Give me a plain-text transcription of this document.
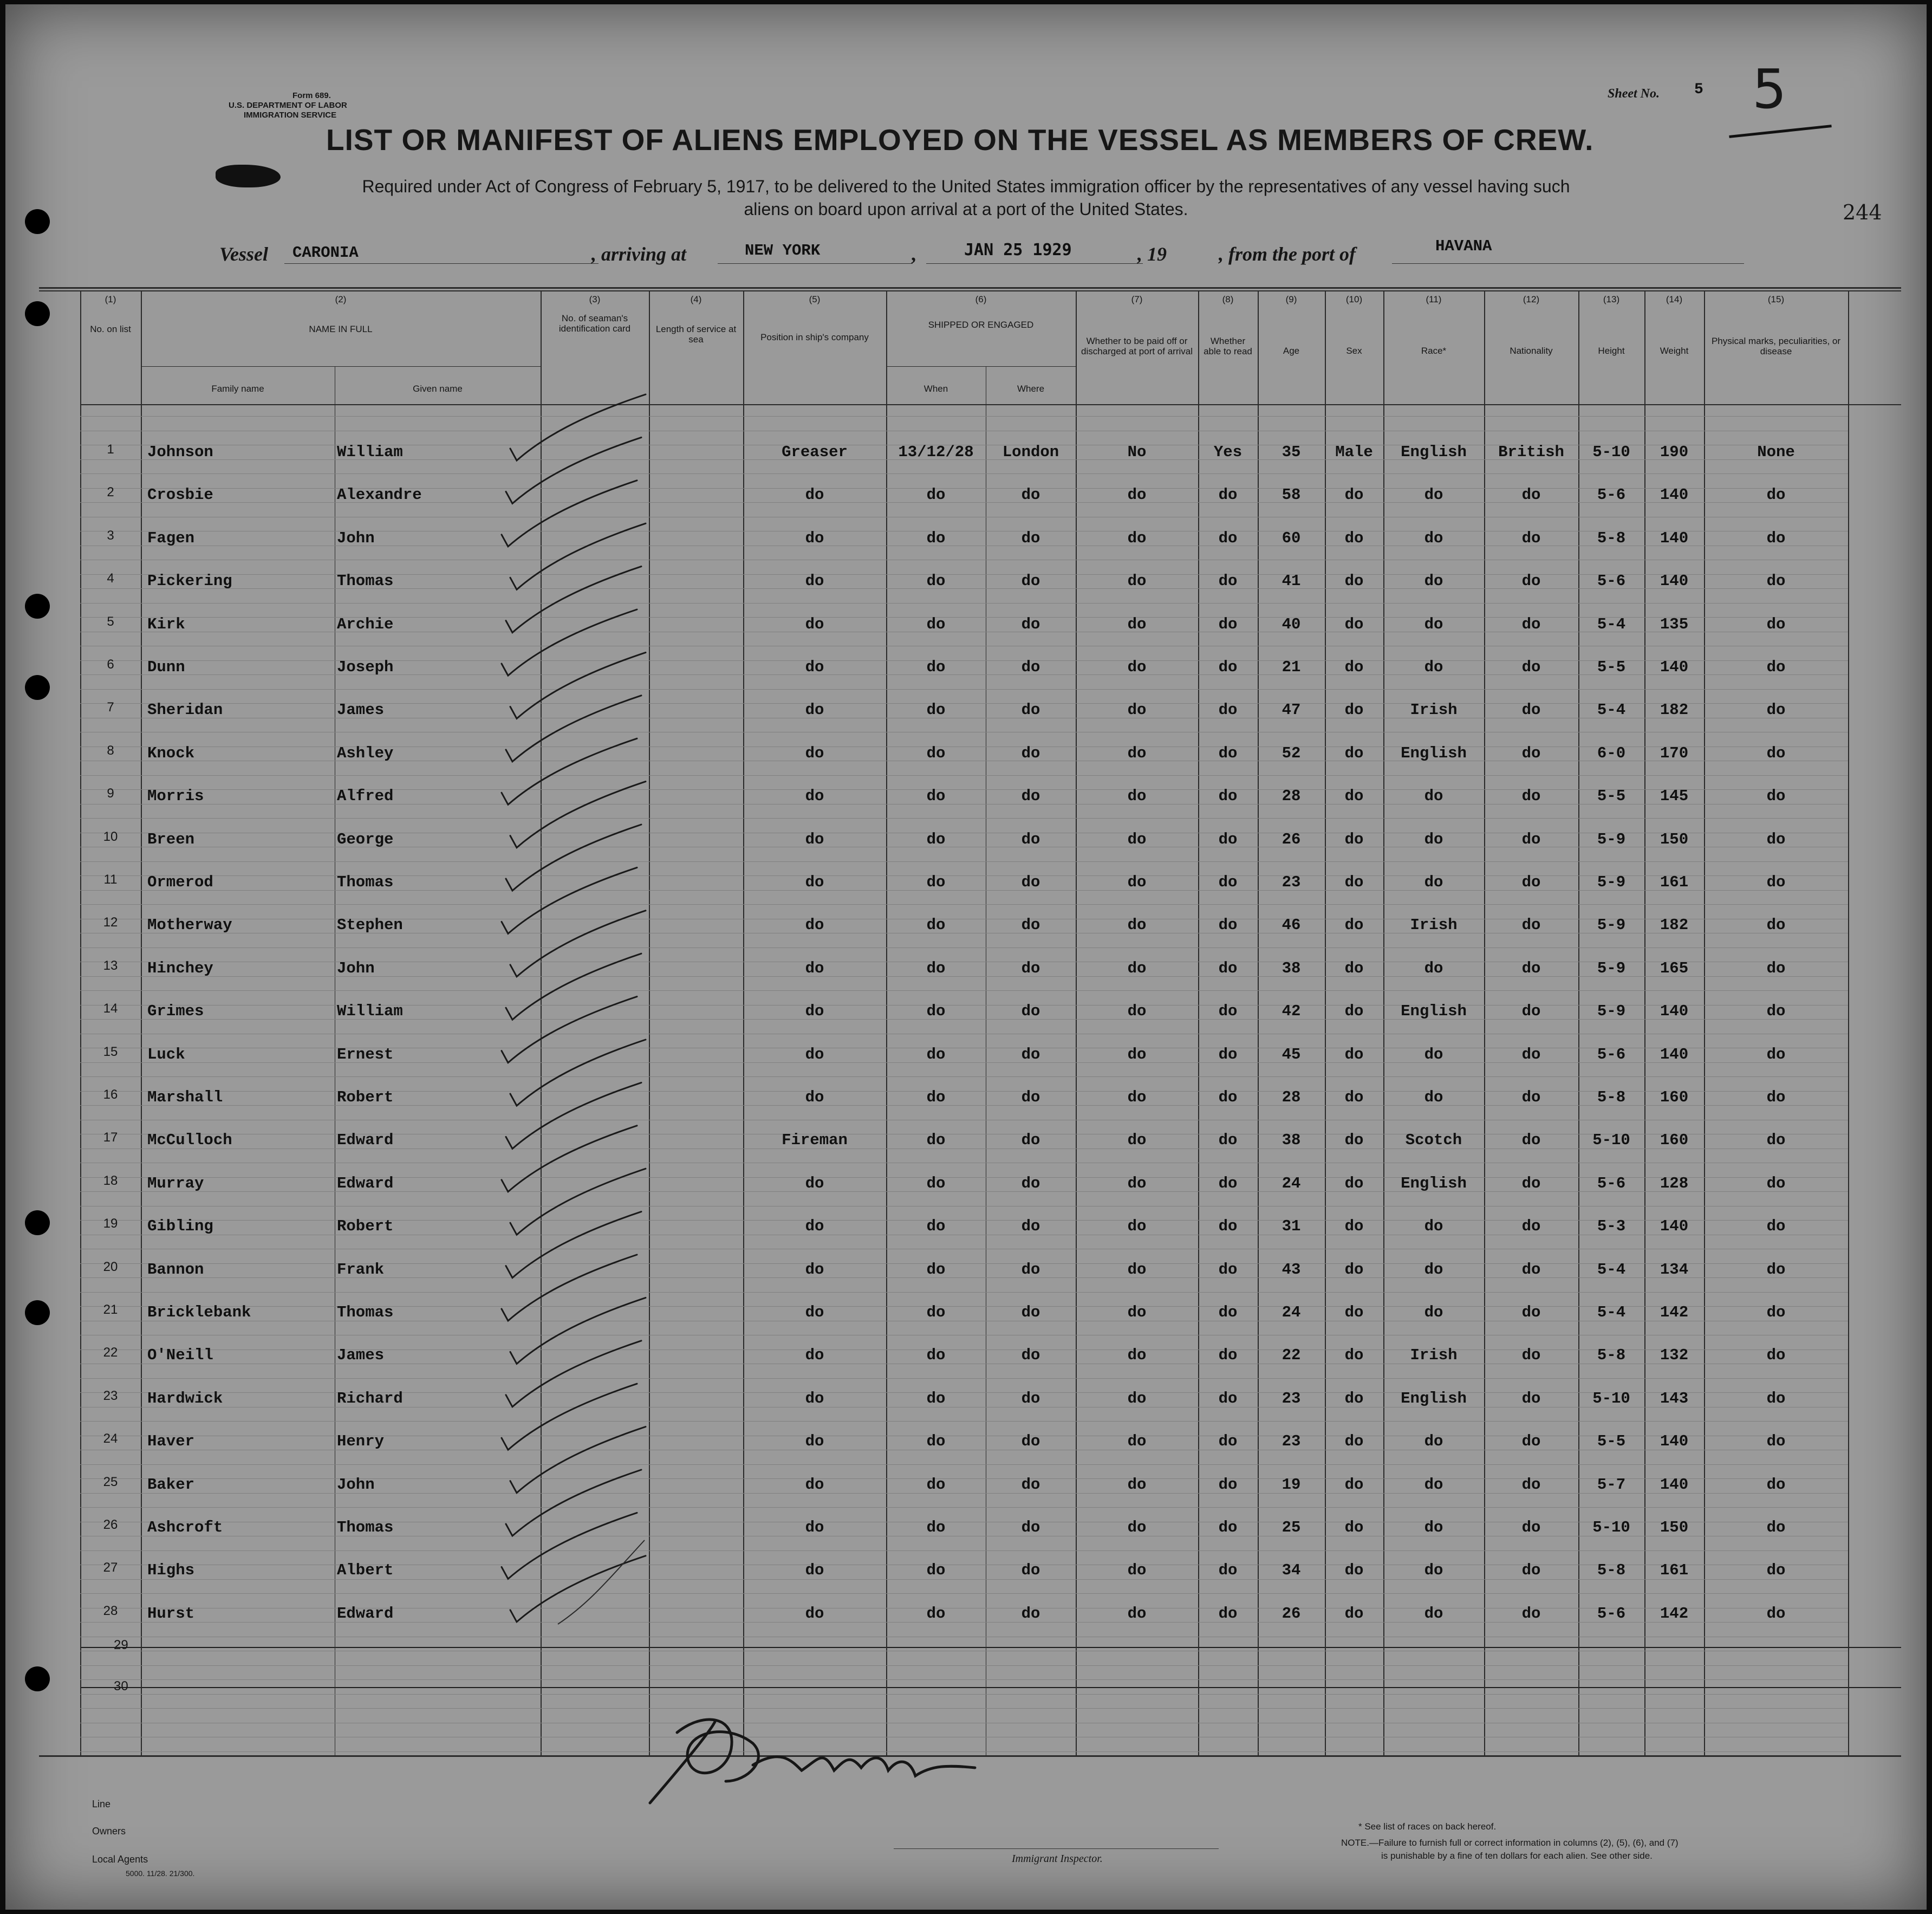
Form 689.
U.S. DEPARTMENT OF LABOR
IMMIGRATION SERVICE
Sheet No. 5 5
LIST OR MANIFEST OF ALIENS EMPLOYED ON THE VESSEL AS MEMBERS OF CREW.
Required under Act of Congress of February 5, 1917, to be delivered to the United States immigration officer by the representatives of any vessel having such
aliens on board upon arrival at a port of the United States.	244
Vessel CARONIA	, arriving at	NEW YORK	,	JAN 25 1929	, 19	, from the port of	HAVANA
1	Johnson	William	Greaser	13/12/28	London	No	Yes	35	Male	English	British	5-10	190	None
2	Crosbie	Alexandre	do	do	do	do	do	58	do	do	do	5-6	140	do
3	Fagen	John	do	do	do	do	do	60	do	do	do	5-8	140	do
4	Pickering	Thomas	do	do	do	do	do	41	do	do	do	5-6	140	do
5	Kirk	Archie	do	do	do	do	do	40	do	do	do	5-4	135	do
6	Dunn	Joseph	do	do	do	do	do	21	do	do	do	5-5	140	do
7	Sheridan	James	do	do	do	do	do	47	do	Irish	do	5-4	182	do
8	Knock	Ashley	do	do	do	do	do	52	do	English	do	6-0	170	do
9	Morris	Alfred	do	do	do	do	do	28	do	do	do	5-5	145	do
10	Breen	George	do	do	do	do	do	26	do	do	do	5-9	150	do
11	Ormerod	Thomas	do	do	do	do	do	23	do	do	do	5-9	161	do
12	Motherway	Stephen	do	do	do	do	do	46	do	Irish	do	5-9	182	do
13	Hinchey	John	do	do	do	do	do	38	do	do	do	5-9	165	do
14	Grimes	William	do	do	do	do	do	42	do	English	do	5-9	140	do
15	Luck	Ernest	do	do	do	do	do	45	do	do	do	5-6	140	do
16	Marshall	Robert	do	do	do	do	do	28	do	do	do	5-8	160	do
17	McCulloch	Edward	Fireman	do	do	do	do	38	do	Scotch	do	5-10	160	do
18	Murray	Edward	do	do	do	do	do	24	do	English	do	5-6	128	do
19	Gibling	Robert	do	do	do	do	do	31	do	do	do	5-3	140	do
20	Bannon	Frank	do	do	do	do	do	43	do	do	do	5-4	134	do
21	Bricklebank	Thomas	do	do	do	do	do	24	do	do	do	5-4	142	do
22	O'Neill	James	do	do	do	do	do	22	do	Irish	do	5-8	132	do
23	Hardwick	Richard	do	do	do	do	do	23	do	English	do	5-10	143	do
24	Haver	Henry	do	do	do	do	do	23	do	do	do	5-5	140	do
25	Baker	John	do	do	do	do	do	19	do	do	do	5-7	140	do
26	Ashcroft	Thomas	do	do	do	do	do	25	do	do	do	5-10	150	do
27	Highs	Albert	do	do	do	do	do	34	do	do	do	5-8	161	do
28	Hurst	Edward	do	do	do	do	do	26	do	do	do	5-6	142	do
29
30
Line
Owners
Local Agents
5000. 11/28. 21/300.
Immigrant Inspector.
* See list of races on back hereof.
NOTE.—Failure to furnish full or correct information in columns (2), (5), (6), and (7)
is punishable by a fine of ten dollars for each alien. See other side.
(1)
No. on list
(2)
NAME IN FULL
(3)
No. of seaman's identification card
(4)
Length of service at sea
(5)
Position in ship's company
(6)
SHIPPED OR ENGAGED
(7)
Whether to be paid off or discharged at port of arrival
(8)
Whether able to read
(9)
Age
(10)
Sex
(11)
Race*
(12)
Nationality
(13)
Height
(14)
Weight
(15)
Physical marks, peculiarities, or disease
Family name	Given name	When	Where
